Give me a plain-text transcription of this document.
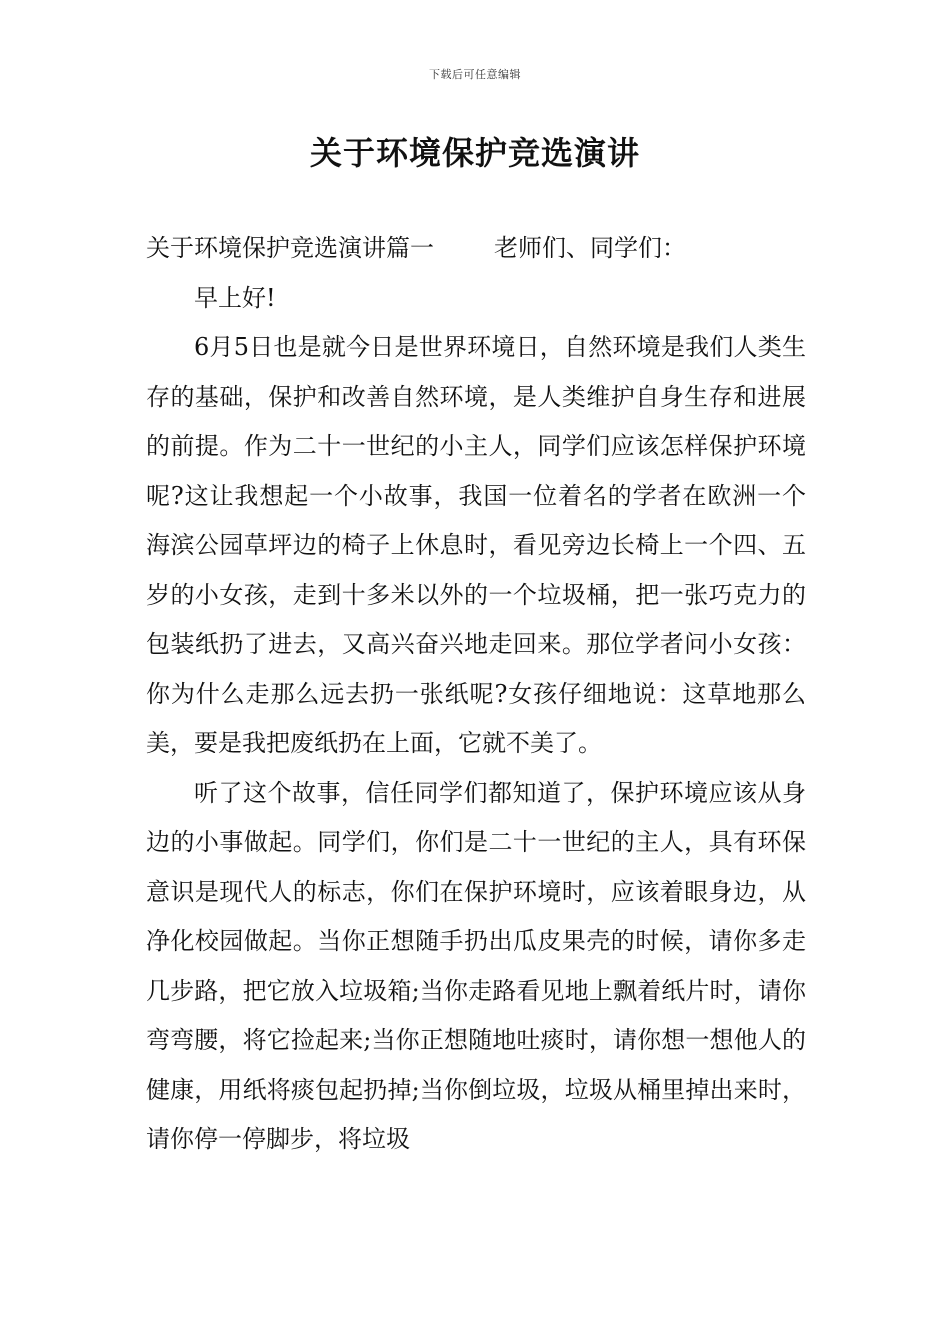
下载后可任意编辑
关于环境保护竞选演讲

关于环境保护竞选演讲篇一	老师们、同学们：

早上好!

6月5日也是就今日是世界环境日，自然环境是我们人类生存的基础，保护和改善自然环境，是人类维护自身生存和进展的前提。作为二十一世纪的小主人，同学们应该怎样保护环境呢?这让我想起一个小故事，我国一位着名的学者在欧洲一个海滨公园草坪边的椅子上休息时，看见旁边长椅上一个四、五岁的小女孩，走到十多米以外的一个垃圾桶，把一张巧克力的包装纸扔了进去，又高兴奋兴地走回来。那位学者问小女孩：你为什么走那么远去扔一张纸呢?女孩仔细地说：这草地那么美，要是我把废纸扔在上面，它就不美了。

听了这个故事，信任同学们都知道了，保护环境应该从身边的小事做起。同学们，你们是二十一世纪的主人，具有环保意识是现代人的标志，你们在保护环境时，应该着眼身边，从净化校园做起。当你正想随手扔出瓜皮果壳的时候，请你多走几步路，把它放入垃圾箱;当你走路看见地上飘着纸片时，请你弯弯腰，将它捡起来;当你正想随地吐痰时，请你想一想他人的健康，用纸将痰包起扔掉;当你倒垃圾，垃圾从桶里掉出来时，请你停一停脚步，将垃圾
